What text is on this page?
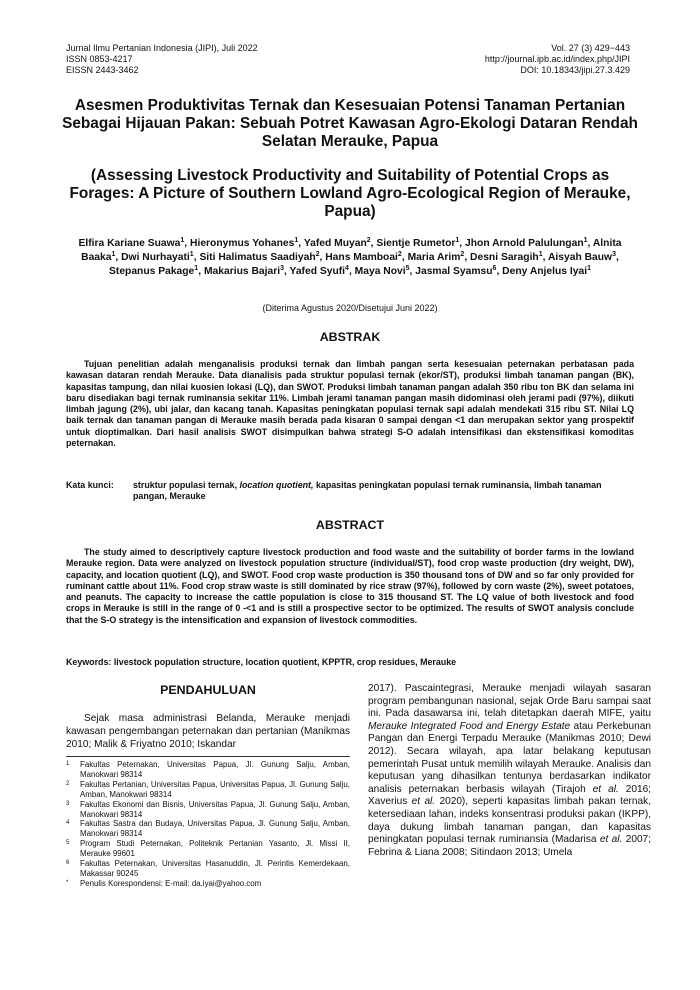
Jurnal Ilmu Pertanian Indonesia (JIPI), Juli 2022
ISSN 0853-4217
EISSN 2443-3462
Vol. 27 (3) 429−443
http://journal.ipb.ac.id/index.php/JIPI
DOI: 10.18343/jipi.27.3.429
Asesmen Produktivitas Ternak dan Kesesuaian Potensi Tanaman Pertanian Sebagai Hijauan Pakan: Sebuah Potret Kawasan Agro-Ekologi Dataran Rendah Selatan Merauke, Papua
(Assessing Livestock Productivity and Suitability of Potential Crops as Forages: A Picture of Southern Lowland Agro-Ecological Region of Merauke, Papua)
Elfira Kariane Suawa$^1$, Hieronymus Yohanes$^1$, Yafed Muyan$^2$, Sientje Rumetor$^1$, Jhon Arnold Palulungan$^1$, Alnita Baaka$^1$, Dwi Nurhayati$^1$, Siti Halimatus Saadiyah$^2$, Hans Mamboai$^2$, Maria Arim$^2$, Desni Saragih$^1$, Aisyah Bauw$^3$, Stepanus Pakage$^1$, Makarius Bajari$^3$, Yafed Syufi$^4$, Maya Novi$^5$, Jasmal Syamsu$^6$, Deny Anjelus Iyai$^1$
(Diterima Agustus 2020/Disetujui Juni 2022)
ABSTRAK

Tujuan penelitian adalah menganalisis produksi ternak dan limbah pangan serta kesesuaian peternakan perbatasan pada kawasan dataran rendah Merauke. Data dianalisis pada struktur populasi ternak (ekor/ST), produksi limbah tanaman pangan (BK), kapasitas tampung, dan nilai kuosien lokasi (LQ), dan SWOT. Produksi limbah tanaman pangan adalah 350 ribu ton BK dan selama ini baru disediakan bagi ternak ruminansia sekitar 11%. Limbah jerami tanaman pangan masih didominasi oleh jerami padi (97%), diikuti limbah jagung (2%), ubi jalar, dan kacang tanah. Kapasitas peningkatan populasi ternak sapi adalah mendekati 315 ribu ST. Nilai LQ baik ternak dan tanaman pangan di Merauke masih berada pada kisaran 0 sampai dengan <1 dan merupakan sektor yang prospektif untuk dioptimalkan. Dari hasil analisis SWOT disimpulkan bahwa strategi S-O adalah intensifikasi dan ekstensifikasi komoditas peternakan.

Kata kunci:	struktur populasi ternak, location quotient, kapasitas peningkatan populasi ternak ruminansia, limbah tanaman pangan, Merauke
ABSTRACT

The study aimed to descriptively capture livestock production and food waste and the suitability of border farms in the lowland Merauke region. Data were analyzed on livestock population structure (individual/ST), food crop waste production (dry weight, DW), capacity, and location quotient (LQ), and SWOT. Food crop waste production is 350 thousand tons of DW and so far only provided for ruminant cattle about 11%. Food crop straw waste is still dominated by rice straw (97%), followed by corn waste (2%), sweet potatoes, and peanuts. The capacity to increase the cattle population is close to 315 thousand ST. The LQ value of both livestock and food crops in Merauke is still in the range of 0 -<1 and is still a prospective sector to be optimized. The results of SWOT analysis conclude that the S-O strategy is the intensification and expansion of livestock commodities.

Keywords: livestock population structure, location quotient, KPPTR, crop residues, Merauke
PENDAHULUAN

Sejak masa administrasi Belanda, Merauke menjadi kawasan pengembangan peternakan dan pertanian (Manikmas 2010; Malik & Friyatno 2010; Iskandar

1	Fakultas Peternakan, Universitas Papua, Jl. Gunung Salju, Amban, Manokwari 98314
2	Fakultas Pertanian, Universitas Papua, Universitas Papua, Jl. Gunung Salju, Amban, Manokwari 98314
3	Fakultas Ekonomi dan Bisnis, Universitas Papua, Jl. Gunung Salju, Amban, Manokwari 98314
4	Fakultas Sastra dan Budaya, Universitas Papua, Jl. Gunung Salju, Amban, Manokwari 98314
5	Program Studi Peternakan, Politeknik Pertanian Yasanto, Jl. Missi II, Merauke 99601
6	Fakultas Peternakan, Universitas Hasanuddin, Jl. Perintis Kemerdekaan, Makassar 90245
*	Penulis Korespondensi: E-mail: da.iyai@yahoo.com

2017). Pascaintegrasi, Merauke menjadi wilayah sasaran program pembangunan nasional, sejak Orde Baru sampai saat ini. Pada dasawarsa ini, telah ditetapkan daerah MIFE, yaitu Merauke Integrated Food and Energy Estate atau Perkebunan Pangan dan Energi Terpadu Merauke (Manikmas 2010; Dewi 2012). Secara wilayah, apa latar belakang keputusan pemerintah Pusat untuk memilih wilayah Merauke. Analisis dan keputusan yang dihasilkan tentunya berdasarkan indikator analisis peternakan berbasis wilayah (Tirajoh et al. 2016; Xaverius et al. 2020), seperti kapasitas limbah pakan ternak, ketersediaan lahan, indeks konsentrasi produksi pakan (IKPP), daya dukung limbah tanaman pangan, dan kapasitas peningkatan populasi ternak ruminansia (Madarisa et al. 2007; Febrina & Liana 2008; Sitindaon 2013; Umela
